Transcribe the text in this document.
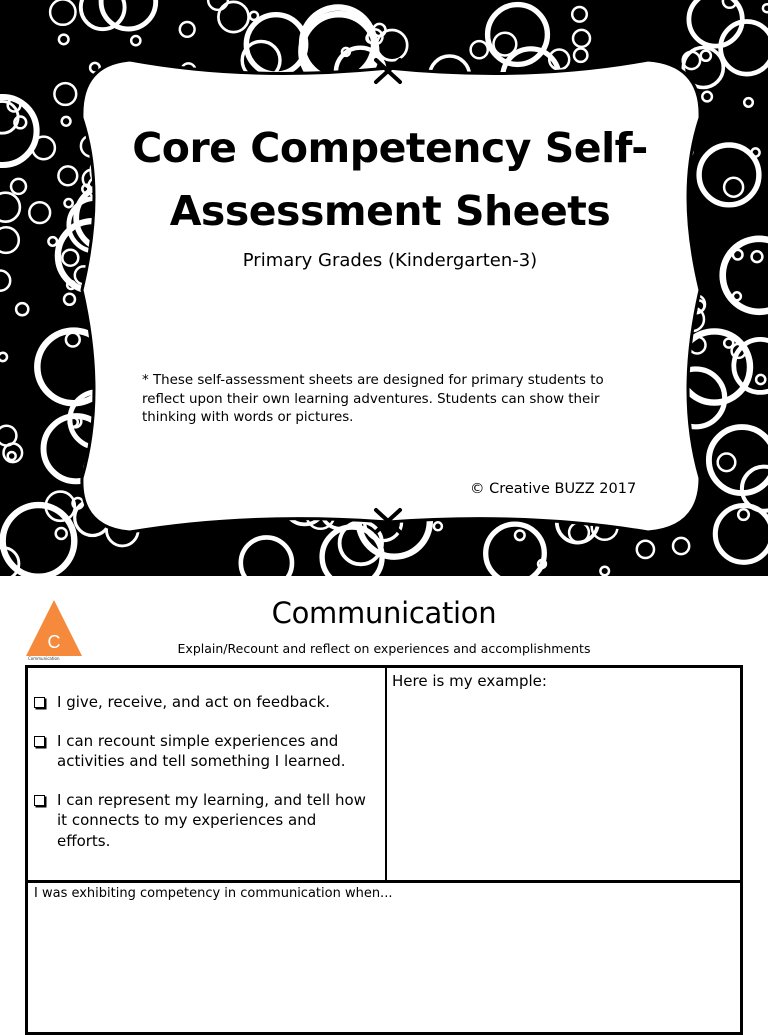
Core Competency Self-
Assessment Sheets
Primary Grades (Kindergarten-3)
* These self-assessment sheets are designed for primary students to reflect upon their own learning adventures. Students can show their thinking with words or pictures.
© Creative BUZZ 2017
C
Communication
Communication
Explain/Recount and reflect on experiences and accomplishments
I give, receive, and act on feedback.
I can recount simple experiences and activities and tell something I learned.
I can represent my learning, and tell how it connects to my experiences and efforts.
Here is my example:
I was exhibiting competency in communication when...
